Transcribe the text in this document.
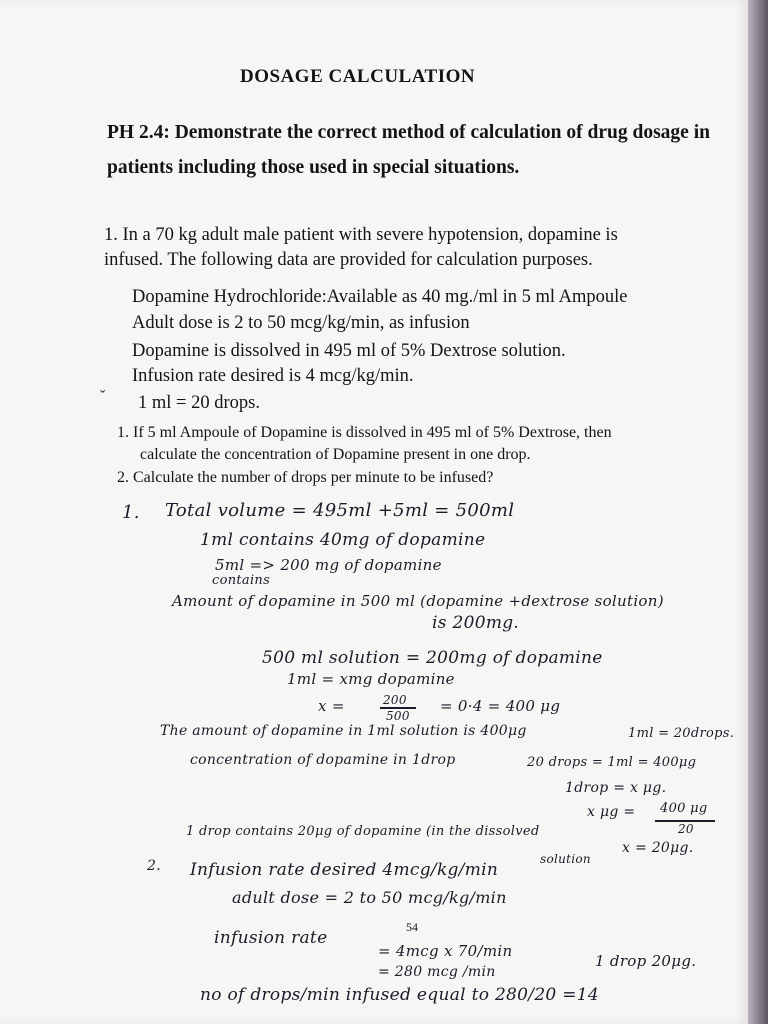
DOSAGE CALCULATION
PH 2.4: Demonstrate the correct method of calculation of drug dosage in
patients including those used in special situations.
1. In a 70 kg adult male patient with severe hypotension, dopamine is
infused. The following data are provided for calculation purposes.
Dopamine Hydrochloride:Available as 40 mg./ml in 5 ml Ampoule
Adult dose is 2 to 50 mcg/kg/min, as infusion
Dopamine is dissolved in 495 ml of 5% Dextrose solution.
Infusion rate desired is 4 mcg/kg/min.
ˇ 1 ml = 20 drops.
1. If 5 ml Ampoule of Dopamine is dissolved in 495 ml of 5% Dextrose, then
calculate the concentration of Dopamine present in one drop.
2. Calculate the number of drops per minute to be infused?
1. Total volume = 495ml +5ml = 500ml
1ml contains 40mg of dopamine
5ml => 200 mg of dopamine
contains
Amount of dopamine in 500 ml (dopamine +dextrose solution)
is 200mg.
500 ml solution = 200mg of dopamine
1ml = xmg dopamine
x =	200
500
= 0·4 = 400 μg
The amount of dopamine in 1ml solution is 400μg	1ml = 20drops.
concentration of dopamine in 1drop	20 drops = 1ml = 400μg
1drop = x μg.
x μg = 400 μg
20
1 drop contains 20μg of dopamine (in the dissolved
solution
x = 20μg.
2. Infusion rate desired 4mcg/kg/min
adult dose = 2 to 50 mcg/kg/min
54
infusion rate
= 4mcg x 70/min
1 drop 20μg.
= 280 mcg /min
no of drops/min infused equal to 280/20 =14
